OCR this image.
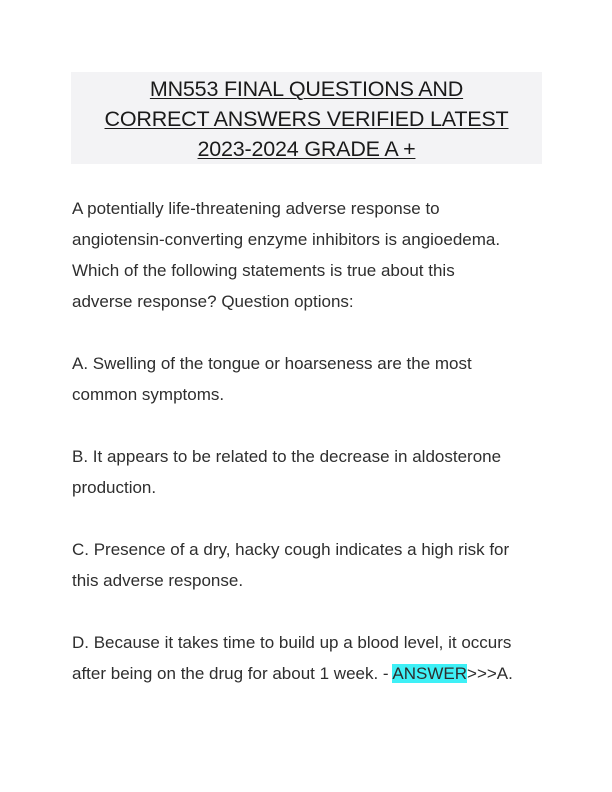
MN553 FINAL QUESTIONS AND
CORRECT ANSWERS VERIFIED LATEST
2023-2024 GRADE A +

A potentially life-threatening adverse response to
angiotensin-converting enzyme inhibitors is angioedema.
Which of the following statements is true about this
adverse response? Question options:

A. Swelling of the tongue or hoarseness are the most
common symptoms.

B. It appears to be related to the decrease in aldosterone
production.

C. Presence of a dry, hacky cough indicates a high risk for
this adverse response.

D. Because it takes time to build up a blood level, it occurs
after being on the drug for about 1 week. - ANSWER>>>A.
